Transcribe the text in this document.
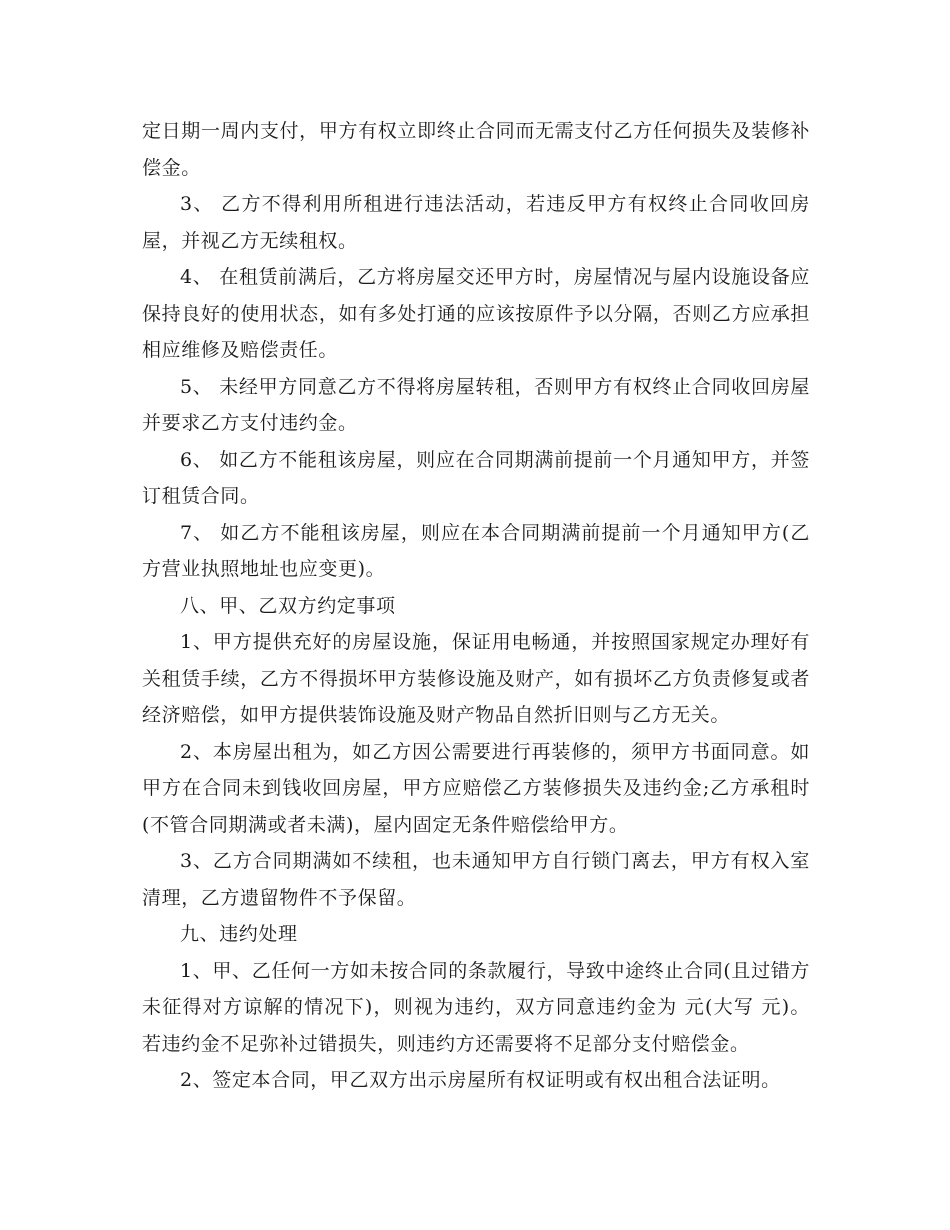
定日期一周内支付，甲方有权立即终止合同而无需支付乙方任何损失及装修补偿金。

3、 乙方不得利用所租进行违法活动，若违反甲方有权终止合同收回房屋，并视乙方无续租权。

4、 在租赁前满后，乙方将房屋交还甲方时，房屋情况与屋内设施设备应保持良好的使用状态，如有多处打通的应该按原件予以分隔，否则乙方应承担相应维修及赔偿责任。

5、 未经甲方同意乙方不得将房屋转租，否则甲方有权终止合同收回房屋并要求乙方支付违约金。

6、 如乙方不能租该房屋，则应在合同期满前提前一个月通知甲方，并签订租赁合同。

7、 如乙方不能租该房屋，则应在本合同期满前提前一个月通知甲方(乙方营业执照地址也应变更)。

八、甲、乙双方约定事项

1、甲方提供充好的房屋设施，保证用电畅通，并按照国家规定办理好有关租赁手续，乙方不得损坏甲方装修设施及财产，如有损坏乙方负责修复或者经济赔偿，如甲方提供装饰设施及财产物品自然折旧则与乙方无关。

2、本房屋出租为，如乙方因公需要进行再装修的，须甲方书面同意。如甲方在合同未到钱收回房屋，甲方应赔偿乙方装修损失及违约金;乙方承租时(不管合同期满或者未满)，屋内固定无条件赔偿给甲方。

3、乙方合同期满如不续租，也未通知甲方自行锁门离去，甲方有权入室清理，乙方遗留物件不予保留。

九、违约处理

1、甲、乙任何一方如未按合同的条款履行，导致中途终止合同(且过错方未征得对方谅解的情况下)，则视为违约，双方同意违约金为 元(大写 元)。 若违约金不足弥补过错损失，则违约方还需要将不足部分支付赔偿金。

2、签定本合同，甲乙双方出示房屋所有权证明或有权出租合法证明。
